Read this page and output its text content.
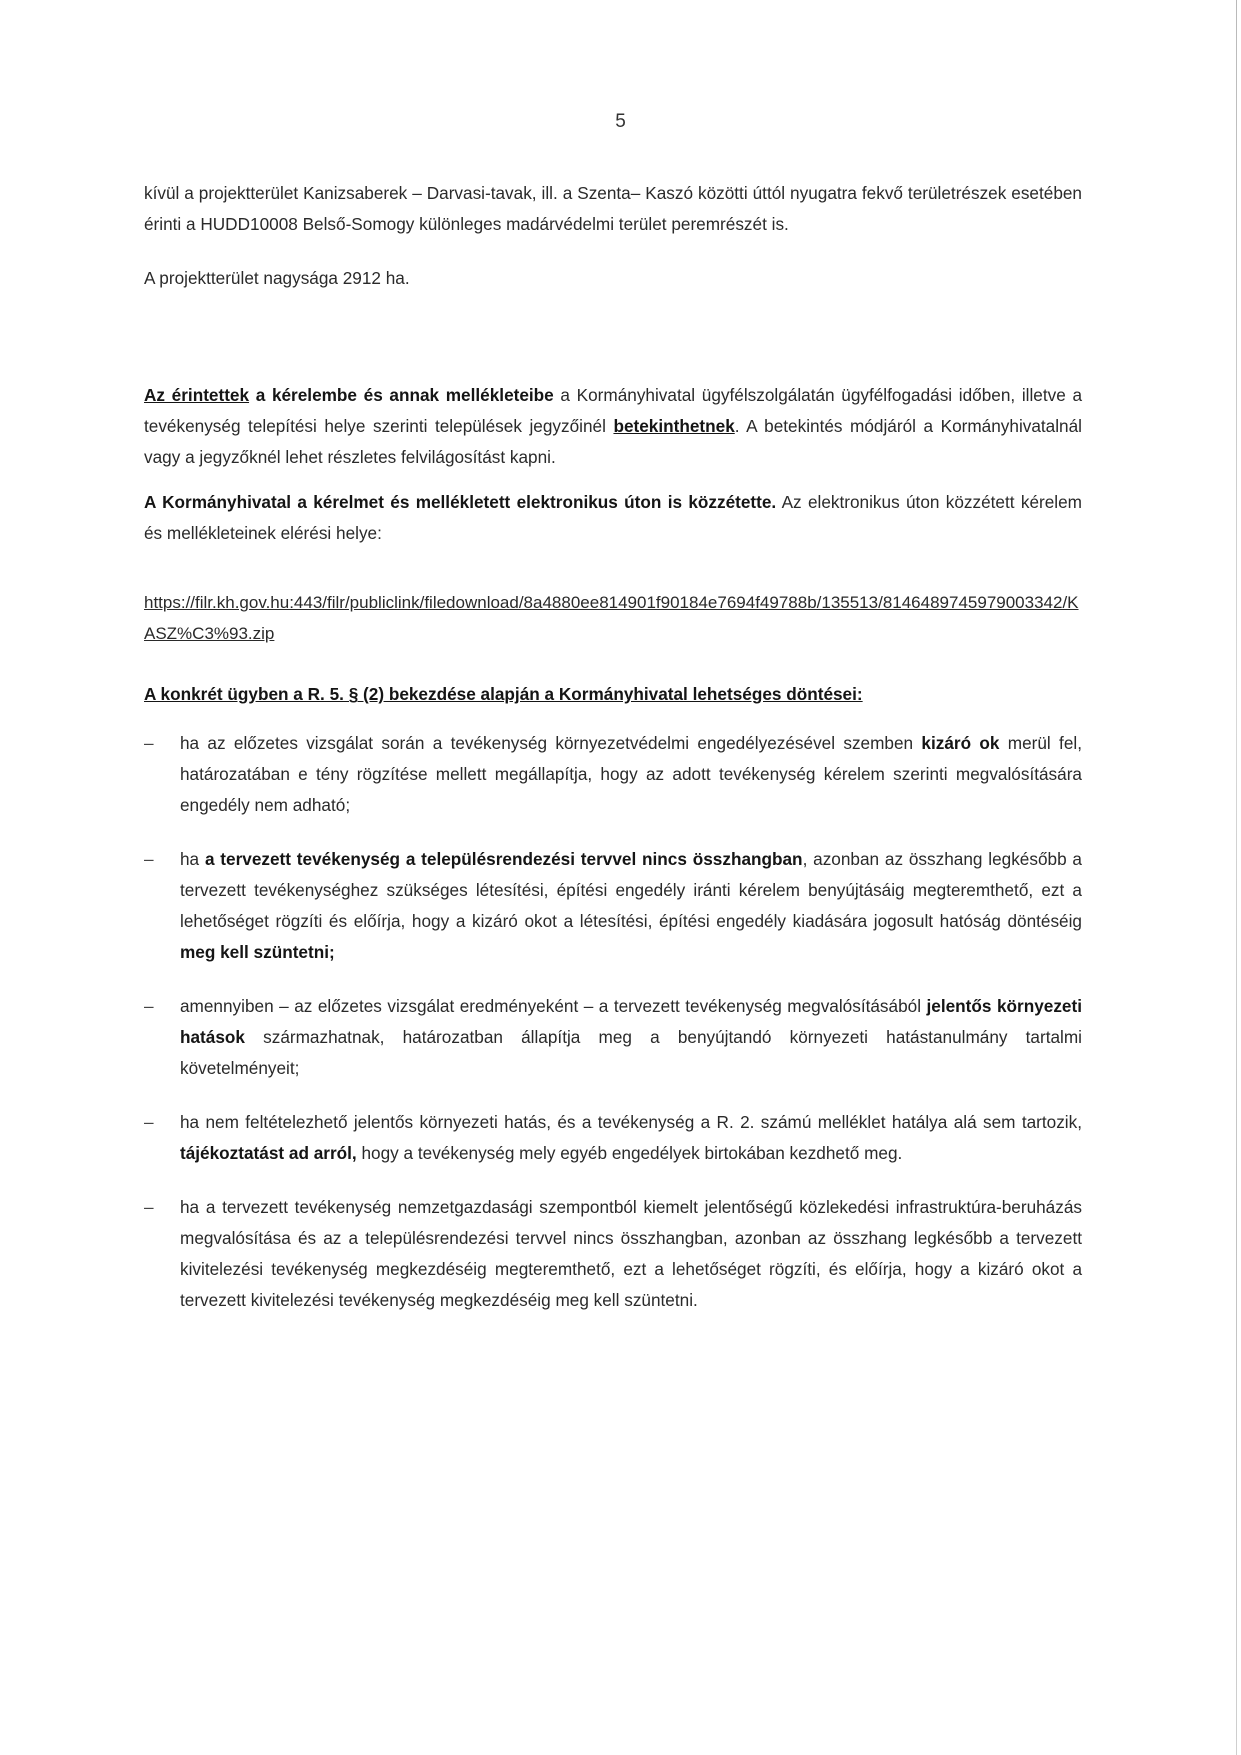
5

kívül a projektterület Kanizsaberek – Darvasi-tavak, ill. a Szenta– Kaszó közötti úttól nyugatra fekvő területrészek esetében érinti a HUDD10008 Belső-Somogy különleges madárvédelmi terület peremrészét is.

A projektterület nagysága 2912 ha.

Az érintettek a kérelembe és annak mellékleteibe a Kormányhivatal ügyfélszolgálatán ügyfélfogadási időben, illetve a tevékenység telepítési helye szerinti települések jegyzőinél betekinthetnek. A betekintés módjáról a Kormányhivatalnál vagy a jegyzőknél lehet részletes felvilágosítást kapni.

A Kormányhivatal a kérelmet és mellékletett elektronikus úton is közzétette. Az elektronikus úton közzétett kérelem és mellékleteinek elérési helye:

https://filr.kh.gov.hu:443/filr/publiclink/filedownload/8a4880ee814901f90184e7694f49788b/135513/8146489745979003342/KASZ%C3%93.zip

A konkrét ügyben a R. 5. § (2) bekezdése alapján a Kormányhivatal lehetséges döntései:

–	ha az előzetes vizsgálat során a tevékenység környezetvédelmi engedélyezésével szemben kizáró ok merül fel, határozatában e tény rögzítése mellett megállapítja, hogy az adott tevékenység kérelem szerinti megvalósítására engedély nem adható;
–	ha a tervezett tevékenység a településrendezési tervvel nincs összhangban, azonban az összhang legkésőbb a tervezett tevékenységhez szükséges létesítési, építési engedély iránti kérelem benyújtásáig megteremthető, ezt a lehetőséget rögzíti és előírja, hogy a kizáró okot a létesítési, építési engedély kiadására jogosult hatóság döntéséig meg kell szüntetni;
–	amennyiben – az előzetes vizsgálat eredményeként – a tervezett tevékenység megvalósításából jelentős környezeti hatások származhatnak, határozatban állapítja meg a benyújtandó környezeti hatástanulmány tartalmi követelményeit;
–	ha nem feltételezhető jelentős környezeti hatás, és a tevékenység a R. 2. számú melléklet hatálya alá sem tartozik, tájékoztatást ad arról, hogy a tevékenység mely egyéb engedélyek birtokában kezdhető meg.
–	ha a tervezett tevékenység nemzetgazdasági szempontból kiemelt jelentőségű közlekedési infrastruktúra-beruházás megvalósítása és az a településrendezési tervvel nincs összhangban, azonban az összhang legkésőbb a tervezett kivitelezési tevékenység megkezdéséig megteremthető, ezt a lehetőséget rögzíti, és előírja, hogy a kizáró okot a tervezett kivitelezési tevékenység megkezdéséig meg kell szüntetni.
